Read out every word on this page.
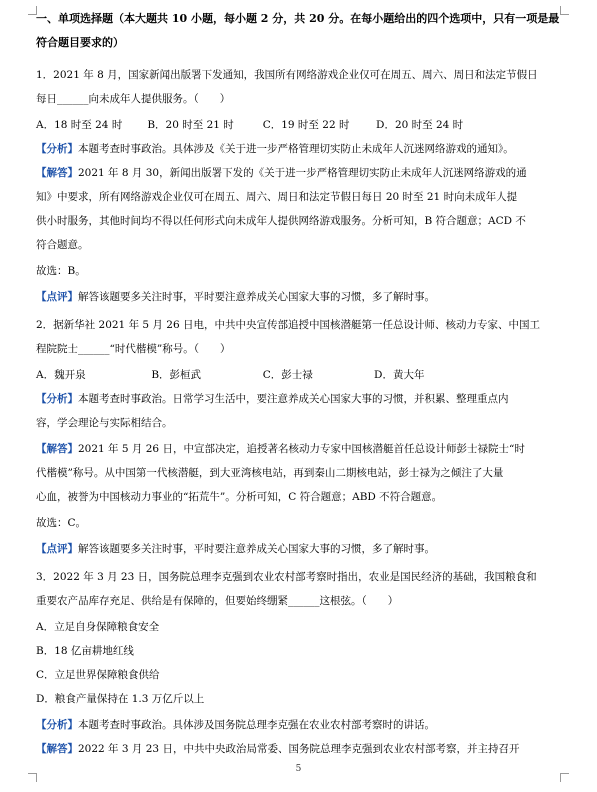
一、单项选择题（本大题共 10 小题，每小题 2 分，共 20 分。在每小题给出的四个选项中，只有一项是最
符合题目要求的）
1．2021 年 8 月，国家新闻出版署下发通知，我国所有网络游戏企业仅可在周五、周六、周日和法定节假日
每日______向未成年人提供服务。（　　）
A．18 时至 24 时 B．20 时至 21 时	C．19 时至 22 时	D．20 时至 24 时
【分析】本题考查时事政治。具体涉及《关于进一步严格管理切实防止未成年人沉迷网络游戏的通知》。
【解答】2021 年 8 月 30，新闻出版署下发的《关于进一步严格管理切实防止未成年人沉迷网络游戏的通
知》中要求，所有网络游戏企业仅可在周五、周六、周日和法定节假日每日 20 时至 21 时向未成年人提
供小时服务，其他时间均不得以任何形式向未成年人提供网络游戏服务。分析可知，B 符合题意；ACD 不
符合题意。
故选：B。
【点评】解答该题要多关注时事，平时要注意养成关心国家大事的习惯，多了解时事。
2．据新华社 2021 年 5 月 26 日电，中共中央宣传部追授中国核潜艇第一任总设计师、核动力专家、中国工
程院院士______“时代楷模”称号。（　　）
A．魏开泉	B．彭桓武	C．彭士禄	D．黄大年
【分析】本题考查时事政治。日常学习生活中，要注意养成关心国家大事的习惯，并积累、整理重点内
容，学会理论与实际相结合。
【解答】2021 年 5 月 26 日，中宣部决定，追授著名核动力专家中国核潜艇首任总设计师彭士禄院士“时
代楷模”称号。从中国第一代核潜艇，到大亚湾核电站，再到秦山二期核电站，彭士禄为之倾注了大量
心血，被誉为中国核动力事业的“拓荒牛”。分析可知，C 符合题意；ABD 不符合题意。
故选：C。
【点评】解答该题要多关注时事，平时要注意养成关心国家大事的习惯，多了解时事。
3．2022 年 3 月 23 日，国务院总理李克强到农业农村部考察时指出，农业是国民经济的基础，我国粮食和
重要农产品库存充足、供给是有保障的，但要始终绷紧______这根弦。（　　）
A．立足自身保障粮食安全
B．18 亿亩耕地红线
C．立足世界保障粮食供给
D．粮食产量保持在 1.3 万亿斤以上
【分析】本题考查时事政治。具体涉及国务院总理李克强在农业农村部考察时的讲话。
【解答】2022 年 3 月 23 日，中共中央政治局常委、国务院总理李克强到农业农村部考察，并主持召开
5
